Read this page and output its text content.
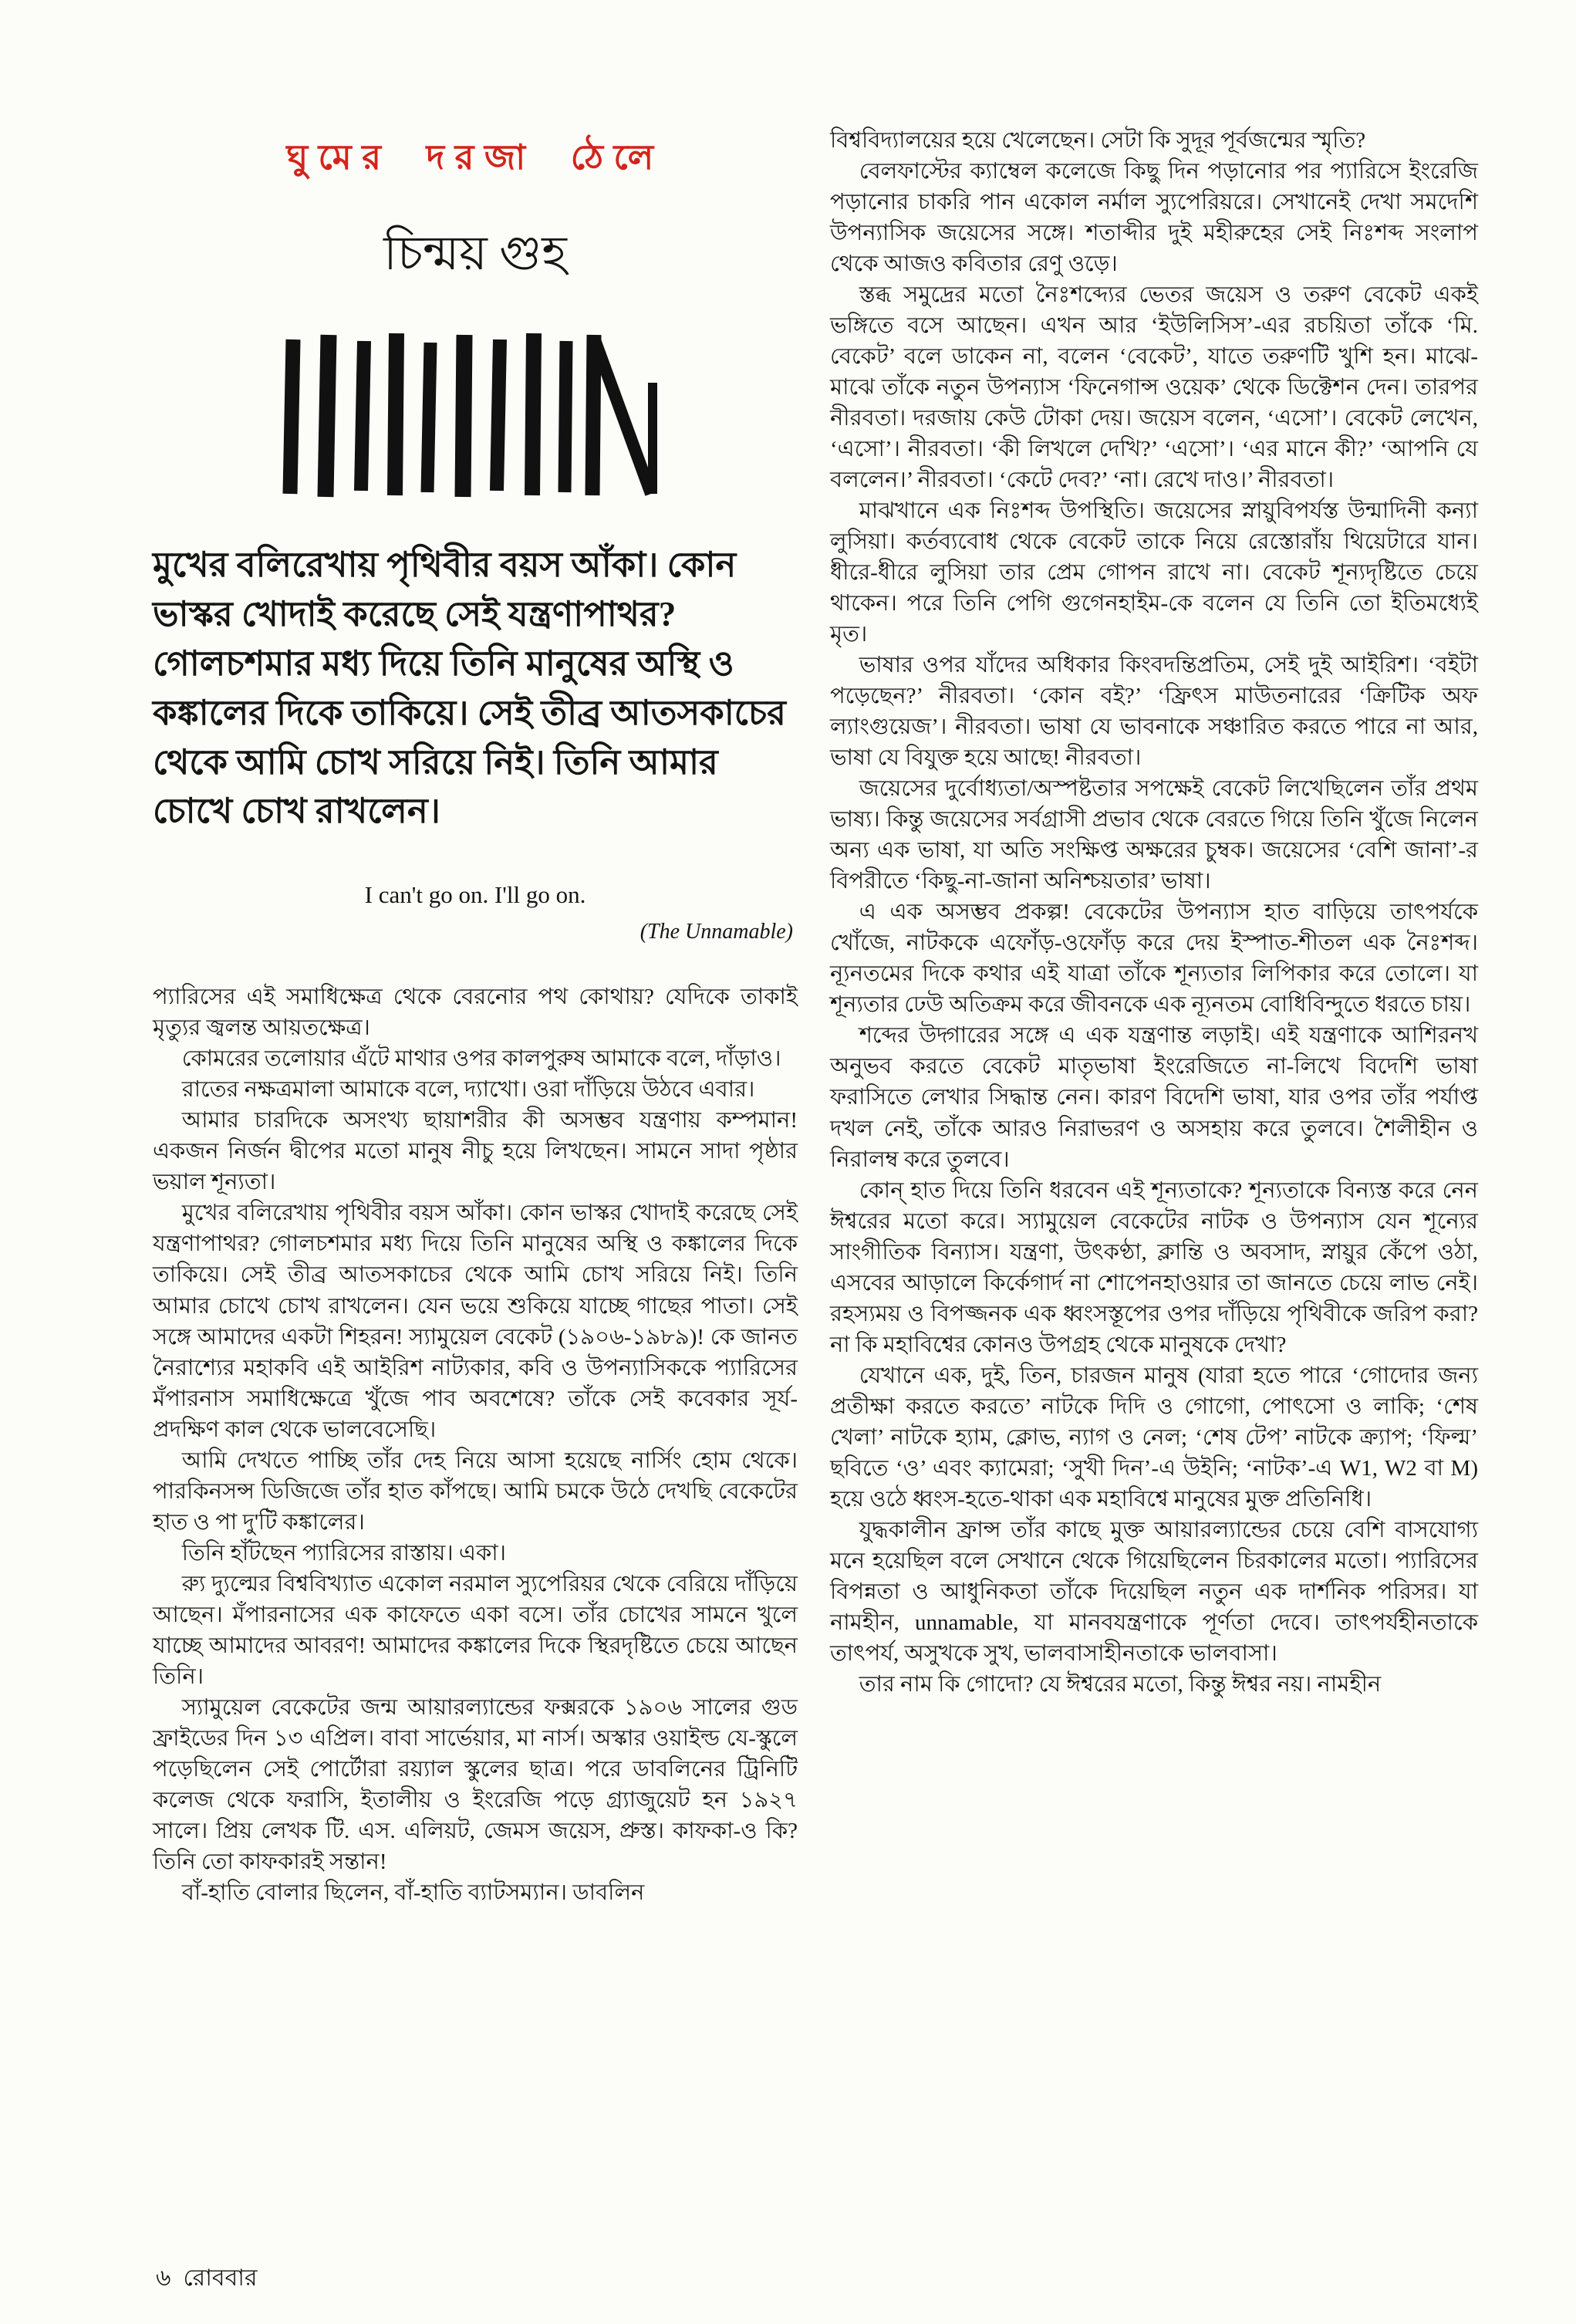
ঘুমের দরজা ঠেলে
চিন্ময় গুহ
মুখের বলিরেখায় পৃথিবীর বয়স আঁকা। কোন ভাস্কর খোদাই করেছে সেই যন্ত্রণাপাথর? গোলচশমার মধ্য দিয়ে তিনি মানুষের অস্থি ও কঙ্কালের দিকে তাকিয়ে। সেই তীব্র আতসকাচের থেকে আমি চোখ সরিয়ে নিই। তিনি আমার চোখে চোখ রাখলেন।
I can't go on. I'll go on.
(The Unnamable)

প্যারিসের এই সমাধিক্ষেত্র থেকে বেরনোর পথ কোথায়? যেদিকে তাকাই মৃত্যুর জ্বলন্ত আয়তক্ষেত্র।

কোমরের তলোয়ার এঁটে মাথার ওপর কালপুরুষ আমাকে বলে, দাঁড়াও।

রাতের নক্ষত্রমালা আমাকে বলে, দ্যাখো। ওরা দাঁড়িয়ে উঠবে এবার।

আমার চারদিকে অসংখ্য ছায়াশরীর কী অসম্ভব যন্ত্রণায় কম্পমান! একজন নির্জন দ্বীপের মতো মানুষ নীচু হয়ে লিখছেন। সামনে সাদা পৃষ্ঠার ভয়াল শূন্যতা।

মুখের বলিরেখায় পৃথিবীর বয়স আঁকা। কোন ভাস্কর খোদাই করেছে সেই যন্ত্রণাপাথর? গোলচশমার মধ্য দিয়ে তিনি মানুষের অস্থি ও কঙ্কালের দিকে তাকিয়ে। সেই তীব্র আতসকাচের থেকে আমি চোখ সরিয়ে নিই। তিনি আমার চোখে চোখ রাখলেন। যেন ভয়ে শুকিয়ে যাচ্ছে গাছের পাতা। সেই সঙ্গে আমাদের একটা শিহরন! স্যামুয়েল বেকেট (১৯০৬-১৯৮৯)! কে জানত নৈরাশ্যের মহাকবি এই আইরিশ নাট্যকার, কবি ও উপন্যাসিককে প্যারিসের মঁপারনাস সমাধিক্ষেত্রে খুঁজে পাব অবশেষে? তাঁকে সেই কবেকার সূর্য-প্রদক্ষিণ কাল থেকে ভালবেসেছি।

আমি দেখতে পাচ্ছি তাঁর দেহ নিয়ে আসা হয়েছে নার্সিং হোম থেকে। পারকিনসন্স ডিজিজে তাঁর হাত কাঁপছে। আমি চমকে উঠে দেখছি বেকেটের হাত ও পা দু'টি কঙ্কালের।

তিনি হাঁটছেন প্যারিসের রাস্তায়। একা।

র‍্যু দ্যুল্মের বিশ্ববিখ্যাত একোল নরমাল স্যুপেরিয়র থেকে বেরিয়ে দাঁড়িয়ে আছেন। মঁপারনাসের এক কাফেতে একা বসে। তাঁর চোখের সামনে খুলে যাচ্ছে আমাদের আবরণ! আমাদের কঙ্কালের দিকে স্থিরদৃষ্টিতে চেয়ে আছেন তিনি।

স্যামুয়েল বেকেটের জন্ম আয়ারল্যান্ডের ফক্সরকে ১৯০৬ সালের গুড ফ্রাইডের দিন ১৩ এপ্রিল। বাবা সার্ভেয়ার, মা নার্স। অস্কার ওয়াইল্ড যে-স্কুলে পড়েছিলেন সেই পোর্টোরা রয়্যাল স্কুলের ছাত্র। পরে ডাবলিনের ট্রিনিটি কলেজ থেকে ফরাসি, ইতালীয় ও ইংরেজি পড়ে গ্র্যাজুয়েট হন ১৯২৭ সালে। প্রিয় লেখক টি. এস. এলিয়ট, জেমস জয়েস, প্রুস্ত। কাফকা-ও কি? তিনি তো কাফকারই সন্তান!

বাঁ-হাতি বোলার ছিলেন, বাঁ-হাতি ব্যাটসম্যান। ডাবলিন

বিশ্ববিদ্যালয়ের হয়ে খেলেছেন। সেটা কি সুদূর পূর্বজন্মের স্মৃতি?

বেলফাস্টের ক্যাম্বেল কলেজে কিছু দিন পড়ানোর পর প্যারিসে ইংরেজি পড়ানোর চাকরি পান একোল নর্মাল স্যুপেরিয়রে। সেখানেই দেখা সমদেশি উপন্যাসিক জয়েসের সঙ্গে। শতাব্দীর দুই মহীরুহের সেই নিঃশব্দ সংলাপ থেকে আজও কবিতার রেণু ওড়ে।

স্তব্ধ সমুদ্রের মতো নৈঃশব্দ্যের ভেতর জয়েস ও তরুণ বেকেট একই ভঙ্গিতে বসে আছেন। এখন আর ‘ইউলিসিস’-এর রচয়িতা তাঁকে ‘মি. বেকেট’ বলে ডাকেন না, বলেন ‘বেকেট’, যাতে তরুণটি খুশি হন। মাঝে-মাঝে তাঁকে নতুন উপন্যাস ‘ফিনেগান্স ওয়েক’ থেকে ডিক্টেশন দেন। তারপর নীরবতা। দরজায় কেউ টোকা দেয়। জয়েস বলেন, ‘এসো’। বেকেট লেখেন, ‘এসো’। নীরবতা। ‘কী লিখলে দেখি?’ ‘এসো’। ‘এর মানে কী?’ ‘আপনি যে বললেন।’ নীরবতা। ‘কেটে দেব?’ ‘না। রেখে দাও।’ নীরবতা।

মাঝখানে এক নিঃশব্দ উপস্থিতি। জয়েসের স্নায়ুবিপর্যস্ত উন্মাদিনী কন্যা লুসিয়া। কর্তব্যবোধ থেকে বেকেট তাকে নিয়ে রেস্তোরাঁয় থিয়েটারে যান। ধীরে-ধীরে লুসিয়া তার প্রেম গোপন রাখে না। বেকেট শূন্যদৃষ্টিতে চেয়ে থাকেন। পরে তিনি পেগি গুগেনহাইম-কে বলেন যে তিনি তো ইতিমধ্যেই মৃত।

ভাষার ওপর যাঁদের অধিকার কিংবদন্তিপ্রতিম, সেই দুই আইরিশ। ‘বইটা পড়েছেন?’ নীরবতা। ‘কোন বই?’ ‘ফ্রিৎস মাউতনারের ‘ক্রিটিক অফ ল্যাংগুয়েজ’। নীরবতা। ভাষা যে ভাবনাকে সঞ্চারিত করতে পারে না আর, ভাষা যে বিযুক্ত হয়ে আছে! নীরবতা।

জয়েসের দুর্বোধ্যতা/অস্পষ্টতার সপক্ষেই বেকেট লিখেছিলেন তাঁর প্রথম ভাষ্য। কিন্তু জয়েসের সর্বগ্রাসী প্রভাব থেকে বেরতে গিয়ে তিনি খুঁজে নিলেন অন্য এক ভাষা, যা অতি সংক্ষিপ্ত অক্ষরের চুম্বক। জয়েসের ‘বেশি জানা’-র বিপরীতে ‘কিছু-না-জানা অনিশ্চয়তার’ ভাষা।

এ এক অসম্ভব প্রকল্প! বেকেটের উপন্যাস হাত বাড়িয়ে তাৎপর্যকে খোঁজে, নাটককে এফোঁড়-ওফোঁড় করে দেয় ইস্পাত-শীতল এক নৈঃশব্দ। ন্যূনতমের দিকে কথার এই যাত্রা তাঁকে শূন্যতার লিপিকার করে তোলে। যা শূন্যতার ঢেউ অতিক্রম করে জীবনকে এক ন্যূনতম বোধিবিন্দুতে ধরতে চায়।

শব্দের উদ্গারের সঙ্গে এ এক যন্ত্রণান্ত লড়াই। এই যন্ত্রণাকে আশিরনখ অনুভব করতে বেকেট মাতৃভাষা ইংরেজিতে না-লিখে বিদেশি ভাষা ফরাসিতে লেখার সিদ্ধান্ত নেন। কারণ বিদেশি ভাষা, যার ওপর তাঁর পর্যাপ্ত দখল নেই, তাঁকে আরও নিরাভরণ ও অসহায় করে তুলবে। শৈলীহীন ও নিরালম্ব করে তুলবে।

কোন্ হাত দিয়ে তিনি ধরবেন এই শূন্যতাকে? শূন্যতাকে বিন্যস্ত করে নেন ঈশ্বরের মতো করে। স্যামুয়েল বেকেটের নাটক ও উপন্যাস যেন শূন্যের সাংগীতিক বিন্যাস। যন্ত্রণা, উৎকণ্ঠা, ক্লান্তি ও অবসাদ, স্নায়ুর কেঁপে ওঠা, এসবের আড়ালে কির্কেগার্দ না শোপেনহাওয়ার তা জানতে চেয়ে লাভ নেই। রহস্যময় ও বিপজ্জনক এক ধ্বংসস্তূপের ওপর দাঁড়িয়ে পৃথিবীকে জরিপ করা? না কি মহাবিশ্বের কোনও উপগ্রহ থেকে মানুষকে দেখা?

যেখানে এক, দুই, তিন, চারজন মানুষ (যারা হতে পারে ‘গোদোর জন্য প্রতীক্ষা করতে করতে’ নাটকে দিদি ও গোগো, পোৎসো ও লাকি; ‘শেষ খেলা’ নাটকে হ্যাম, ক্লোভ, ন্যাগ ও নেল; ‘শেষ টেপ’ নাটকে ক্র্যাপ; ‘ফিল্ম’ ছবিতে ‘ও’ এবং ক্যামেরা; ‘সুখী দিন’-এ উইনি; ‘নাটক’-এ W1, W2 বা M) হয়ে ওঠে ধ্বংস-হতে-থাকা এক মহাবিশ্বে মানুষের মুক্ত প্রতিনিধি।

যুদ্ধকালীন ফ্রান্স তাঁর কাছে মুক্ত আয়ারল্যান্ডের চেয়ে বেশি বাসযোগ্য মনে হয়েছিল বলে সেখানে থেকে গিয়েছিলেন চিরকালের মতো। প্যারিসের বিপন্নতা ও আধুনিকতা তাঁকে দিয়েছিল নতুন এক দার্শনিক পরিসর। যা নামহীন, unnamable, যা মানবযন্ত্রণাকে পূর্ণতা দেবে। তাৎপর্যহীনতাকে তাৎপর্য, অসুখকে সুখ, ভালবাসাহীনতাকে ভালবাসা।

তার নাম কি গোদো? যে ঈশ্বরের মতো, কিন্তু ঈশ্বর নয়। নামহীন

৬ রোববার
